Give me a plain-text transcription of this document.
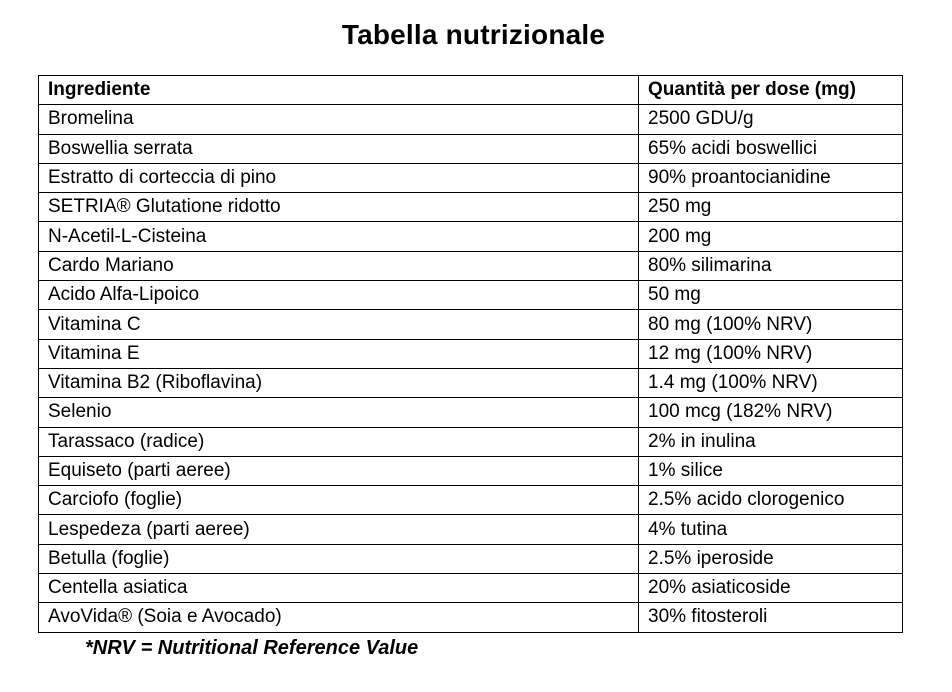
Tabella nutrizionale
Ingrediente	Quantità per dose (mg)
Bromelina	2500 GDU/g
Boswellia serrata	65% acidi boswellici
Estratto di corteccia di pino	90% proantocianidine
SETRIA® Glutatione ridotto	250 mg
N-Acetil-L-Cisteina	200 mg
Cardo Mariano	80% silimarina
Acido Alfa-Lipoico	50 mg
Vitamina C	80 mg (100% NRV)
Vitamina E	12 mg (100% NRV)
Vitamina B2 (Riboflavina)	1.4 mg (100% NRV)
Selenio	100 mcg (182% NRV)
Tarassaco (radice)	2% in inulina
Equiseto (parti aeree)	1% silice
Carciofo (foglie)	2.5% acido clorogenico
Lespedeza (parti aeree)	4% tutina
Betulla (foglie)	2.5% iperoside
Centella asiatica	20% asiaticoside
AvoVida® (Soia e Avocado)	30% fitosteroli
*NRV = Nutritional Reference Value
